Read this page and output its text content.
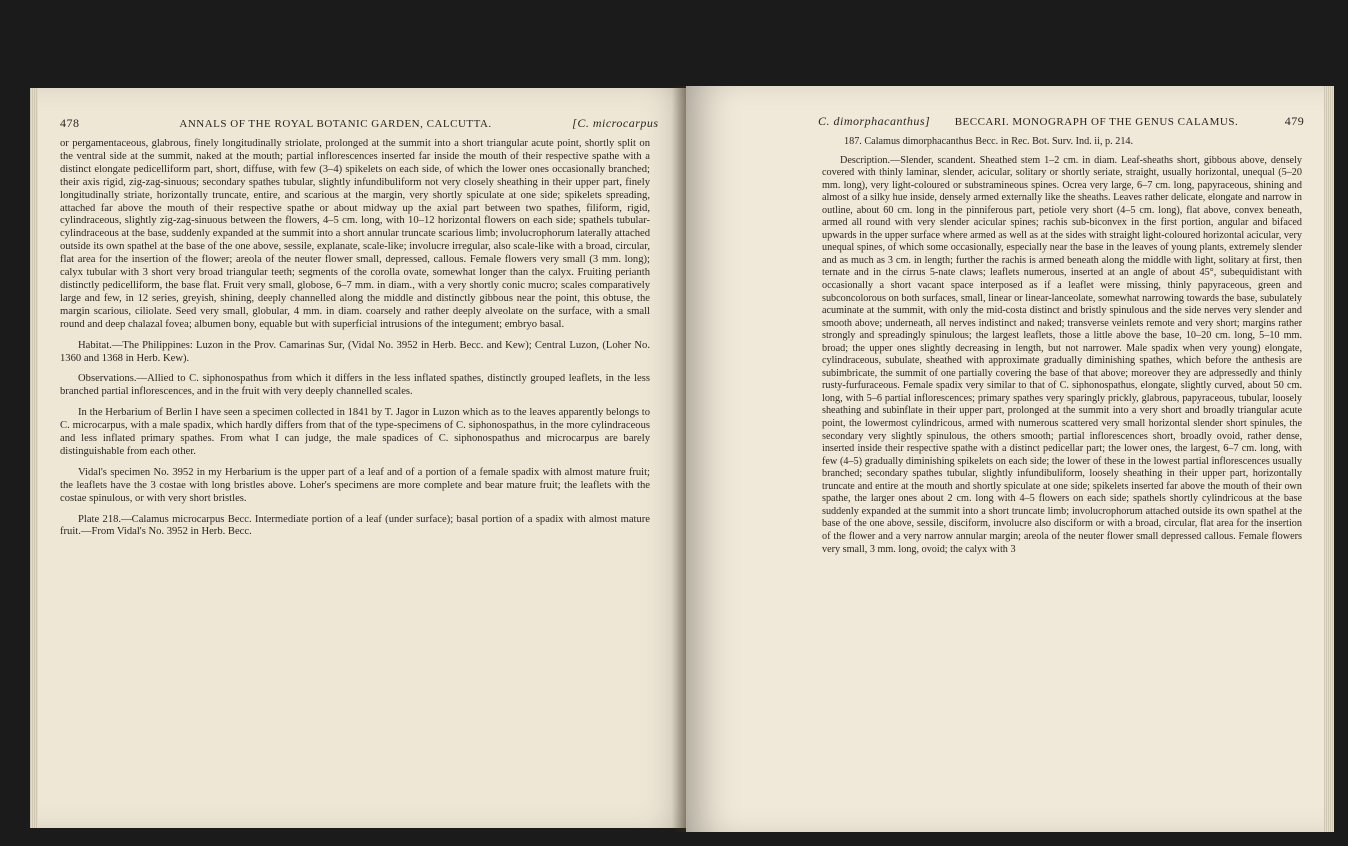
478	ANNALS OF THE ROYAL BOTANIC GARDEN, CALCUTTA.	[C. microcarpus

or pergamentaceous, glabrous, finely longitudinally striolate, prolonged at the summit into a short triangular acute point, shortly split on the ventral side at the summit, naked at the mouth; partial inflorescences inserted far inside the mouth of their respective spathe with a distinct elongate pedicelliform part, short, diffuse, with few (3–4) spikelets on each side, of which the lower ones occasionally branched; their axis rigid, zig-zag-sinuous; secondary spathes tubular, slightly infundibuliform not very closely sheathing in their upper part, finely longitudinally striate, horizontally truncate, entire, and scarious at the margin, very shortly spiculate at one side; spikelets spreading, attached far above the mouth of their respective spathe or about midway up the axial part between two spathes, filiform, rigid, cylindraceous, slightly zig-zag-sinuous between the flowers, 4–5 cm. long, with 10–12 horizontal flowers on each side; spathels tubular-cylindraceous at the base, suddenly expanded at the summit into a short annular truncate scarious limb; involucrophorum laterally attached outside its own spathel at the base of the one above, sessile, explanate, scale-like; involucre irregular, also scale-like with a broad, circular, flat area for the insertion of the flower; areola of the neuter flower small, depressed, callous. Female flowers very small (3 mm. long); calyx tubular with 3 short very broad triangular teeth; segments of the corolla ovate, somewhat longer than the calyx. Fruiting perianth distinctly pedicelliform, the base flat. Fruit very small, globose, 6–7 mm. in diam., with a very shortly conic mucro; scales comparatively large and few, in 12 series, greyish, shining, deeply channelled along the middle and distinctly gibbous near the point, this obtuse, the margin scarious, ciliolate. Seed very small, globular, 4 mm. in diam. coarsely and rather deeply alveolate on the surface, with a small round and deep chalazal fovea; albumen bony, equable but with superficial intrusions of the integument; embryo basal.

Habitat.—The Philippines: Luzon in the Prov. Camarinas Sur, (Vidal No. 3952 in Herb. Becc. and Kew); Central Luzon, (Loher No. 1360 and 1368 in Herb. Kew).

Observations.—Allied to C. siphonospathus from which it differs in the less inflated spathes, distinctly grouped leaflets, in the less branched partial inflorescences, and in the fruit with very deeply channelled scales.

In the Herbarium of Berlin I have seen a specimen collected in 1841 by T. Jagor in Luzon which as to the leaves apparently belongs to C. microcarpus, with a male spadix, which hardly differs from that of the type-specimens of C. siphonospathus, in the more cylindraceous and less inflated primary spathes. From what I can judge, the male spadices of C. siphonospathus and microcarpus are barely distinguishable from each other.

Vidal's specimen No. 3952 in my Herbarium is the upper part of a leaf and of a portion of a female spadix with almost mature fruit; the leaflets have the 3 costae with long bristles above. Loher's specimens are more complete and bear mature fruit; the leaflets with the costae spinulous, or with very short bristles.

Plate 218.—Calamus microcarpus Becc. Intermediate portion of a leaf (under surface); basal portion of a spadix with almost mature fruit.—From Vidal's No. 3952 in Herb. Becc.

C. dimorphacanthus] BECCARI. MONOGRAPH OF THE GENUS CALAMUS.	479

187. Calamus dimorphacanthus Becc. in Rec. Bot. Surv. Ind. ii, p. 214.

Description.—Slender, scandent. Sheathed stem 1–2 cm. in diam. Leaf-sheaths short, gibbous above, densely covered with thinly laminar, slender, acicular, solitary or shortly seriate, straight, usually horizontal, unequal (5–20 mm. long), very light-coloured or substramineous spines. Ocrea very large, 6–7 cm. long, papyraceous, shining and almost of a silky hue inside, densely armed externally like the sheaths. Leaves rather delicate, elongate and narrow in outline, about 60 cm. long in the pinniferous part, petiole very short (4–5 cm. long), flat above, convex beneath, armed all round with very slender acicular spines; rachis sub-biconvex in the first portion, angular and bifaced upwards in the upper surface where armed as well as at the sides with straight light-coloured horizontal acicular, very unequal spines, of which some occasionally, especially near the base in the leaves of young plants, extremely slender and as much as 3 cm. in length; further the rachis is armed beneath along the middle with light, solitary at first, then ternate and in the cirrus 5-nate claws; leaflets numerous, inserted at an angle of about 45°, subequidistant with occasionally a short vacant space interposed as if a leaflet were missing, thinly papyraceous, green and subconcolorous on both surfaces, small, linear or linear-lanceolate, somewhat narrowing towards the base, subulately acuminate at the summit, with only the mid-costa distinct and bristly spinulous and the side nerves very slender and smooth above; underneath, all nerves indistinct and naked; transverse veinlets remote and very short; margins rather strongly and spreadingly spinulous; the largest leaflets, those a little above the base, 10–20 cm. long, 5–10 mm. broad; the upper ones slightly decreasing in length, but not narrower. Male spadix when very young) elongate, cylindraceous, subulate, sheathed with approximate gradually diminishing spathes, which before the anthesis are subimbricate, the summit of one partially covering the base of that above; moreover they are adpressedly and thinly rusty-furfuraceous. Female spadix very similar to that of C. siphonospathus, elongate, slightly curved, about 50 cm. long, with 5–6 partial inflorescences; primary spathes very sparingly prickly, glabrous, papyraceous, tubular, loosely sheathing and subinflate in their upper part, prolonged at the summit into a very short and broadly triangular acute point, the lowermost cylindricous, armed with numerous scattered very small horizontal slender short spinules, the secondary very slightly spinulous, the others smooth; partial inflorescences short, broadly ovoid, rather dense, inserted inside their respective spathe with a distinct pedicellar part; the lower ones, the largest, 6–7 cm. long, with few (4–5) gradually diminishing spikelets on each side; the lower of these in the lowest partial inflorescences usually branched; secondary spathes tubular, slightly infundibuliform, loosely sheathing in their upper part, horizontally truncate and entire at the mouth and shortly spiculate at one side; spikelets inserted far above the mouth of their own spathe, the larger ones about 2 cm. long with 4–5 flowers on each side; spathels shortly cylindricous at the base suddenly expanded at the summit into a short truncate limb; involucrophorum attached outside its own spathel at the base of the one above, sessile, disciform, involucre also disciform or with a broad, circular, flat area for the insertion of the flower and a very narrow annular margin; areola of the neuter flower small depressed callous. Female flowers very small, 3 mm. long, ovoid; the calyx with 3
